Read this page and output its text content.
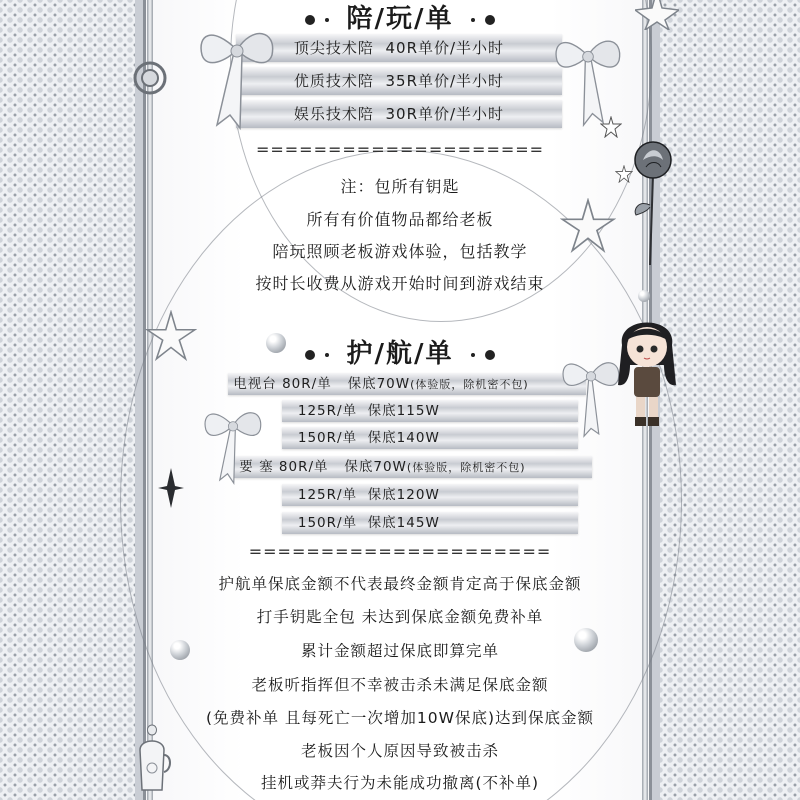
陪/玩/单
顶尖技术陪 40R单价/半小时
优质技术陪 35R单价/半小时
娱乐技术陪 30R单价/半小时
====================
注：包所有钥匙
所有有价值物品都给老板
陪玩照顾老板游戏体验，包括教学
按时长收费从游戏开始时间到游戏结束
护/航/单
电视台 80R/单 保底70W(体验版，除机密不包)
125R/单 保底115W
150R/单 保底140W
要 塞 80R/单 保底70W(体验版，除机密不包)
125R/单 保底120W
150R/单 保底145W
=====================
护航单保底金额不代表最终金额肯定高于保底金额
打手钥匙全包 未达到保底金额免费补单
累计金额超过保底即算完单
老板听指挥但不幸被击杀未满足保底金额
(免费补单 且每死亡一次增加10W保底)达到保底金额
老板因个人原因导致被击杀
挂机或莽夫行为未能成功撤离(不补单)
